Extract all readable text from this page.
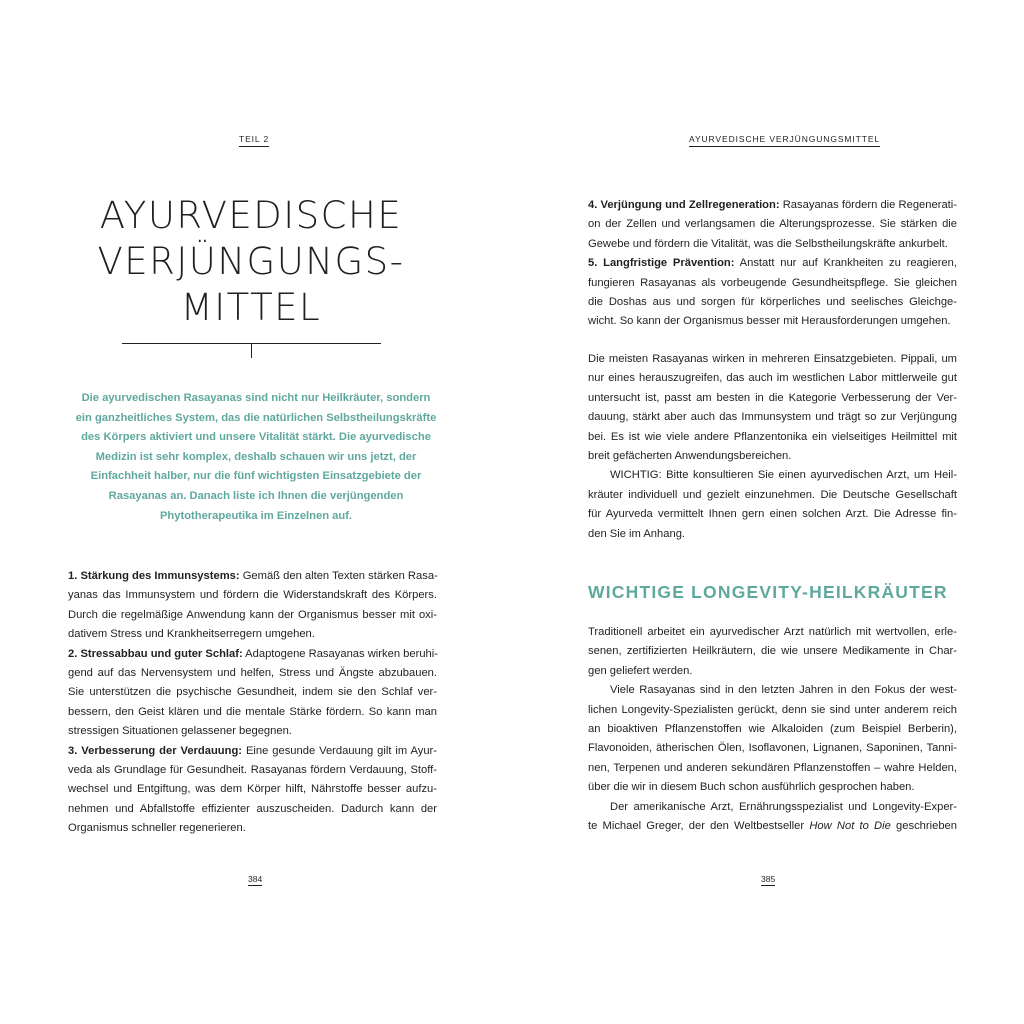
TEIL 2
AYURVEDISCHE
VERJÜNGUNGS-
MITTEL
Die ayurvedischen Rasayanas sind nicht nur Heilkräuter, sondern
ein ganzheitliches System, das die natürlichen Selbstheilungskräfte
des Körpers aktiviert und unsere Vitalität stärkt. Die ayurvedische
Medizin ist sehr komplex, deshalb schauen wir uns jetzt, der
Einfachheit halber, nur die fünf wichtigsten Einsatzgebiete der
Rasayanas an. Danach liste ich Ihnen die verjüngenden
Phytotherapeutika im Einzelnen auf.
1. Stärkung des Immunsystems: Gemäß den alten Texten stärken Rasa-
yanas das Immunsystem und fördern die Widerstandskraft des Körpers.
Durch die regelmäßige Anwendung kann der Organismus besser mit oxi-
dativem Stress und Krankheitserregern umgehen.
2. Stressabbau und guter Schlaf: Adaptogene Rasayanas wirken beruhi-
gend auf das Nervensystem und helfen, Stress und Ängste abzubauen.
Sie unterstützen die psychische Gesundheit, indem sie den Schlaf ver-
bessern, den Geist klären und die mentale Stärke fördern. So kann man
stressigen Situationen gelassener begegnen.
3. Verbesserung der Verdauung: Eine gesunde Verdauung gilt im Ayur-
veda als Grundlage für Gesundheit. Rasayanas fördern Verdauung, Stoff-
wechsel und Entgiftung, was dem Körper hilft, Nährstoffe besser aufzu-
nehmen und Abfallstoffe effizienter auszuscheiden. Dadurch kann der
Organismus schneller regenerieren.
384
AYURVEDISCHE VERJÜNGUNGSMITTEL
4. Verjüngung und Zellregeneration: Rasayanas fördern die Regenerati-
on der Zellen und verlangsamen die Alterungsprozesse. Sie stärken die
Gewebe und fördern die Vitalität, was die Selbstheilungskräfte ankurbelt.
5. Langfristige Prävention: Anstatt nur auf Krankheiten zu reagieren,
fungieren Rasayanas als vorbeugende Gesundheitspflege. Sie gleichen
die Doshas aus und sorgen für körperliches und seelisches Gleichge-
wicht. So kann der Organismus besser mit Herausforderungen umgehen.
Die meisten Rasayanas wirken in mehreren Einsatzgebieten. Pippali, um
nur eines herauszugreifen, das auch im westlichen Labor mittlerweile gut
untersucht ist, passt am besten in die Kategorie Verbesserung der Ver-
dauung, stärkt aber auch das Immunsystem und trägt so zur Verjüngung
bei. Es ist wie viele andere Pflanzentonika ein vielseitiges Heilmittel mit
breit gefächerten Anwendungsbereichen.
WICHTIG: Bitte konsultieren Sie einen ayurvedischen Arzt, um Heil-
kräuter individuell und gezielt einzunehmen. Die Deutsche Gesellschaft
für Ayurveda vermittelt Ihnen gern einen solchen Arzt. Die Adresse fin-
den Sie im Anhang.
WICHTIGE LONGEVITY-HEILKRÄUTER
Traditionell arbeitet ein ayurvedischer Arzt natürlich mit wertvollen, erle-
senen, zertifizierten Heilkräutern, die wie unsere Medikamente in Char-
gen geliefert werden.
Viele Rasayanas sind in den letzten Jahren in den Fokus der west-
lichen Longevity-Spezialisten gerückt, denn sie sind unter anderem reich
an bioaktiven Pflanzenstoffen wie Alkaloiden (zum Beispiel Berberin),
Flavonoiden, ätherischen Ölen, Isoflavonen, Lignanen, Saponinen, Tanni-
nen, Terpenen und anderen sekundären Pflanzenstoffen – wahre Helden,
über die wir in diesem Buch schon ausführlich gesprochen haben.
Der amerikanische Arzt, Ernährungsspezialist und Longevity-Exper-
te Michael Greger, der den Weltbestseller How Not to Die geschrieben
385
